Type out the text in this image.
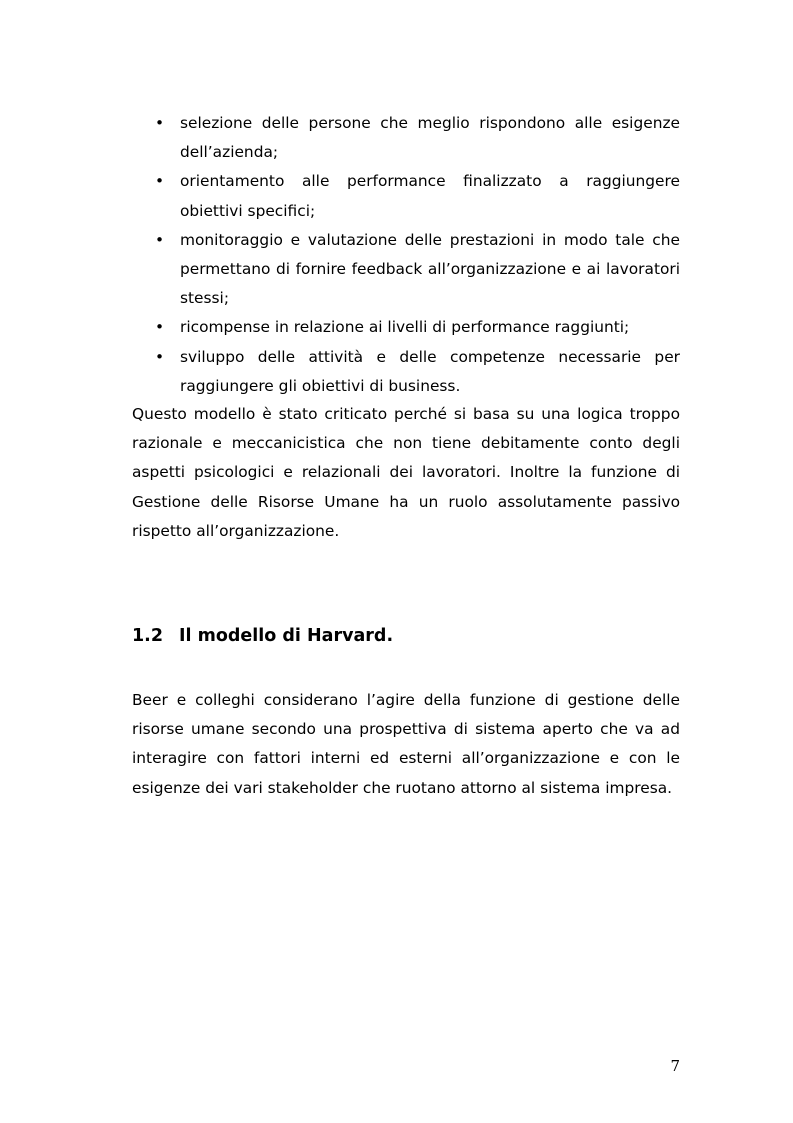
• selezione delle persone che meglio rispondono alle esigenze dell’azienda;
• orientamento alle performance finalizzato a raggiungere obiettivi specifici;
• monitoraggio e valutazione delle prestazioni in modo tale che permettano di fornire feedback all’organizzazione e ai lavoratori stessi;
• ricompense in relazione ai livelli di performance raggiunti;
• sviluppo delle attività e delle competenze necessarie per raggiungere gli obiettivi di business.

Questo modello è stato criticato perché si basa su una logica troppo razionale e meccanicistica che non tiene debitamente conto degli aspetti psicologici e relazionali dei lavoratori. Inoltre la funzione di Gestione delle Risorse Umane ha un ruolo assolutamente passivo rispetto all’organizzazione.

1.2 Il modello di Harvard.

Beer e colleghi considerano l’agire della funzione di gestione delle risorse umane secondo una prospettiva di sistema aperto che va ad interagire con fattori interni ed esterni all’organizzazione e con le esigenze dei vari stakeholder che ruotano attorno al sistema impresa.

7
